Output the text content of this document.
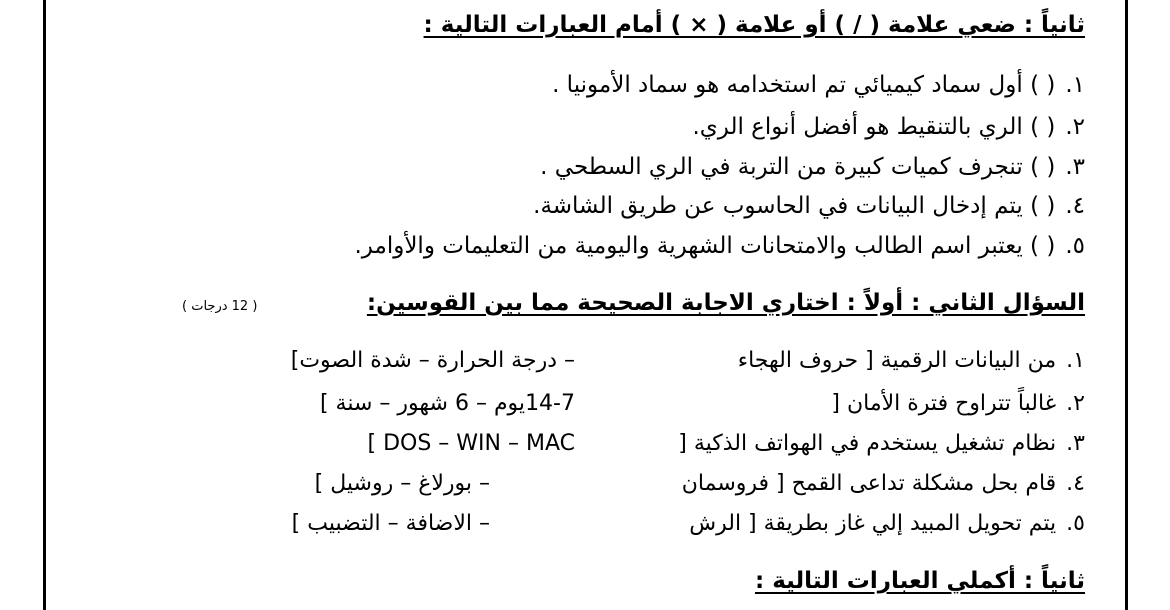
ثانياً : ضعي علامة ( / ) أو علامة ( × ) أمام العبارات التالية :
١.( ) أول سماد كيميائي تم استخدامه هو سماد الأمونيا .
٢.( ) الري بالتنقيط هو أفضل أنواع الري.
٣.( ) تنجرف كميات كبيرة من التربة في الري السطحي .
٤.( ) يتم إدخال البيانات في الحاسوب عن طريق الشاشة.
٥.( ) يعتبر اسم الطالب والامتحانات الشهرية واليومية من التعليمات والأوامر.
السؤال الثاني : أولاً : اختاري الاجابة الصحيحة مما بين القوسين:
( 12 درجات )
١.من البيانات الرقمية [ حروف الهجاء
– درجة الحرارة – شدة الصوت]
٢.غالباً تتراوح فترة الأمان [
14-7يوم – 6 شهور – سنة ]
٣.نظام تشغيل يستخدم في الهواتف الذكية [
[ DOS – WIN – MAC
٤.قام بحل مشكلة تداعى القمح [ فروسمان
– بورلاغ – روشيل ]
٥.يتم تحويل المبيد إلي غاز بطريقة [ الرش
– الاضافة – التضبيب ]
ثانياً : أكملي العبارات التالية :
